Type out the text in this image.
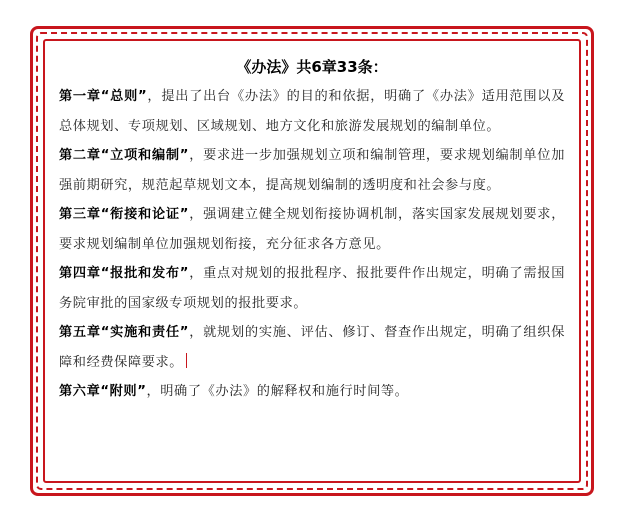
《办法》共6章33条：
第一章“总则”，提出了出台《办法》的目的和依据，明确了《办法》适用范围以及总体规划、专项规划、区域规划、地方文化和旅游发展规划的编制单位。
第二章“立项和编制”，要求进一步加强规划立项和编制管理，要求规划编制单位加强前期研究，规范起草规划文本，提高规划编制的透明度和社会参与度。
第三章“衔接和论证”，强调建立健全规划衔接协调机制，落实国家发展规划要求，要求规划编制单位加强规划衔接，充分征求各方意见。
第四章“报批和发布”，重点对规划的报批程序、报批要件作出规定，明确了需报国务院审批的国家级专项规划的报批要求。
第五章“实施和责任”，就规划的实施、评估、修订、督查作出规定，明确了组织保障和经费保障要求。
第六章“附则”，明确了《办法》的解释权和施行时间等。
